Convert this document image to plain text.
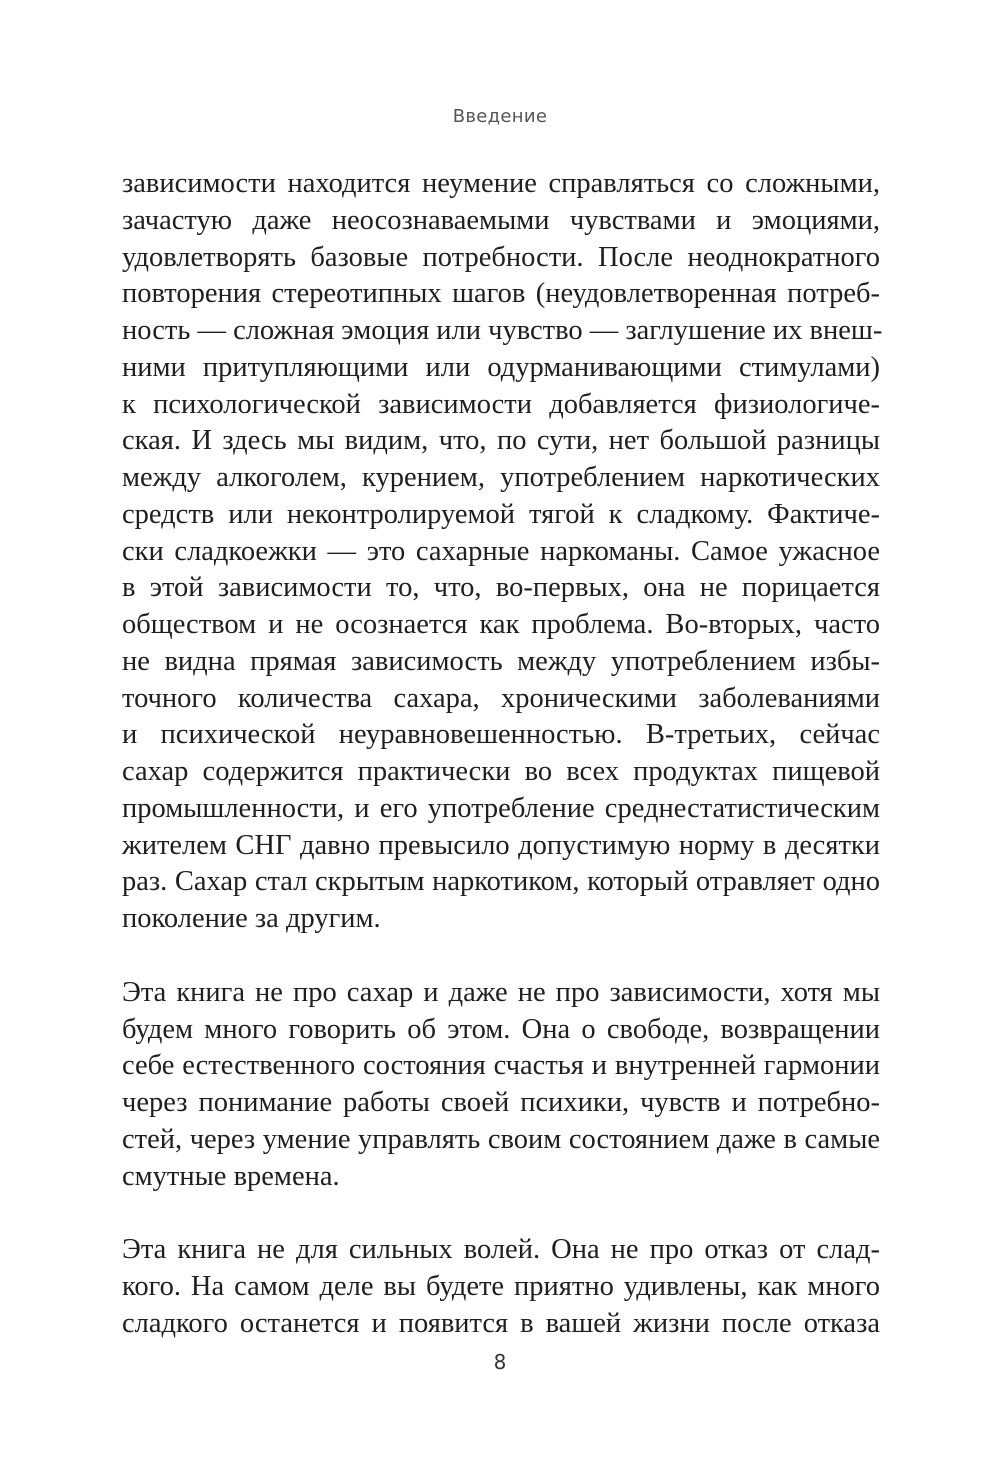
Введение

зависимости находится неумение справляться со сложными,
зачастую даже неосознаваемыми чувствами и эмоциями,
удовлетворять базовые потребности. После неоднократного
повторения стереотипных шагов (неудовлетворенная потреб-
ность — сложная эмоция или чувство — заглушение их внеш-
ними притупляющими или одурманивающими стимулами)
к психологической зависимости добавляется физиологиче-
ская. И здесь мы видим, что, по сути, нет большой разницы
между алкоголем, курением, употреблением наркотических
средств или неконтролируемой тягой к сладкому. Фактиче-
ски сладкоежки — это сахарные наркоманы. Самое ужасное
в этой зависимости то, что, во-первых, она не порицается
обществом и не осознается как проблема. Во-вторых, часто
не видна прямая зависимость между употреблением избы-
точного количества сахара, хроническими заболеваниями
и психической неуравновешенностью. В-третьих, сейчас
сахар содержится практически во всех продуктах пищевой
промышленности, и его употребление среднестатистическим
жителем СНГ давно превысило допустимую норму в десятки
раз. Сахар стал скрытым наркотиком, который отравляет одно
поколение за другим.

Эта книга не про сахар и даже не про зависимости, хотя мы
будем много говорить об этом. Она о свободе, возвращении
себе естественного состояния счастья и внутренней гармонии
через понимание работы своей психики, чувств и потребно-
стей, через умение управлять своим состоянием даже в самые
смутные времена.

Эта книга не для сильных волей. Она не про отказ от слад-
кого. На самом деле вы будете приятно удивлены, как много
сладкого останется и появится в вашей жизни после отказа

8
